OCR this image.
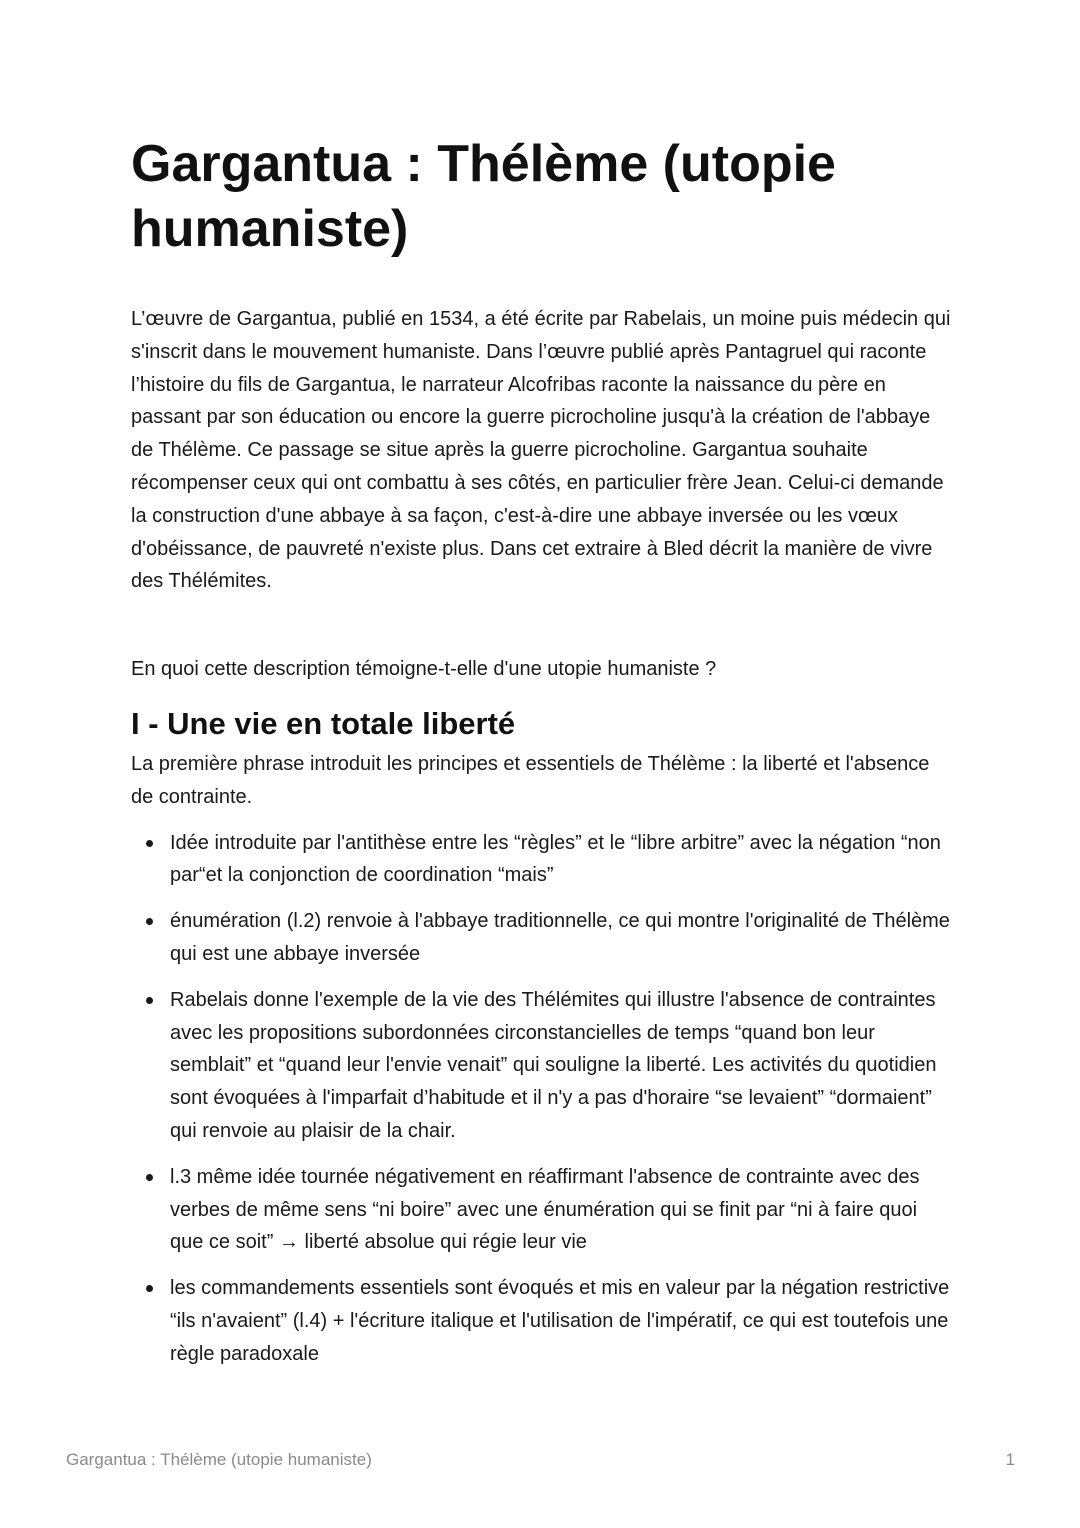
Gargantua : Thélème (utopie humaniste)

L’œuvre de Gargantua, publié en 1534, a été écrite par Rabelais, un moine puis médecin qui s'inscrit dans le mouvement humaniste. Dans l’œuvre publié après Pantagruel qui raconte l’histoire du fils de Gargantua, le narrateur Alcofribas raconte la naissance du père en passant par son éducation ou encore la guerre picrocholine jusqu'à la création de l'abbaye de Thélème. Ce passage se situe après la guerre picrocholine. Gargantua souhaite récompenser ceux qui ont combattu à ses côtés, en particulier frère Jean. Celui-ci demande la construction d'une abbaye à sa façon, c'est-à-dire une abbaye inversée ou les vœux d'obéissance, de pauvreté n'existe plus. Dans cet extraire à Bled décrit la manière de vivre des Thélémites.

En quoi cette description témoigne-t-elle d'une utopie humaniste ?

I - Une vie en totale liberté

La première phrase introduit les principes et essentiels de Thélème : la liberté et l'absence de contrainte.

Idée introduite par l'antithèse entre les “règles” et le “libre arbitre” avec la négation “non par“et la conjonction de coordination “mais”
énumération (l.2) renvoie à l'abbaye traditionnelle, ce qui montre l'originalité de Thélème qui est une abbaye inversée
Rabelais donne l'exemple de la vie des Thélémites qui illustre l'absence de contraintes avec les propositions subordonnées circonstancielles de temps “quand bon leur semblait” et “quand leur l'envie venait” qui souligne la liberté. Les activités du quotidien sont évoquées à l'imparfait d’habitude et il n'y a pas d'horaire “se levaient” “dormaient” qui renvoie au plaisir de la chair.
l.3 même idée tournée négativement en réaffirmant l'absence de contrainte avec des verbes de même sens “ni boire” avec une énumération qui se finit par “ni à faire quoi que ce soit” → liberté absolue qui régie leur vie
les commandements essentiels sont évoqués et mis en valeur par la négation restrictive “ils n'avaient” (l.4) + l'écriture italique et l'utilisation de l'impératif, ce qui est toutefois une règle paradoxale
Gargantua : Thélème (utopie humaniste)	1
